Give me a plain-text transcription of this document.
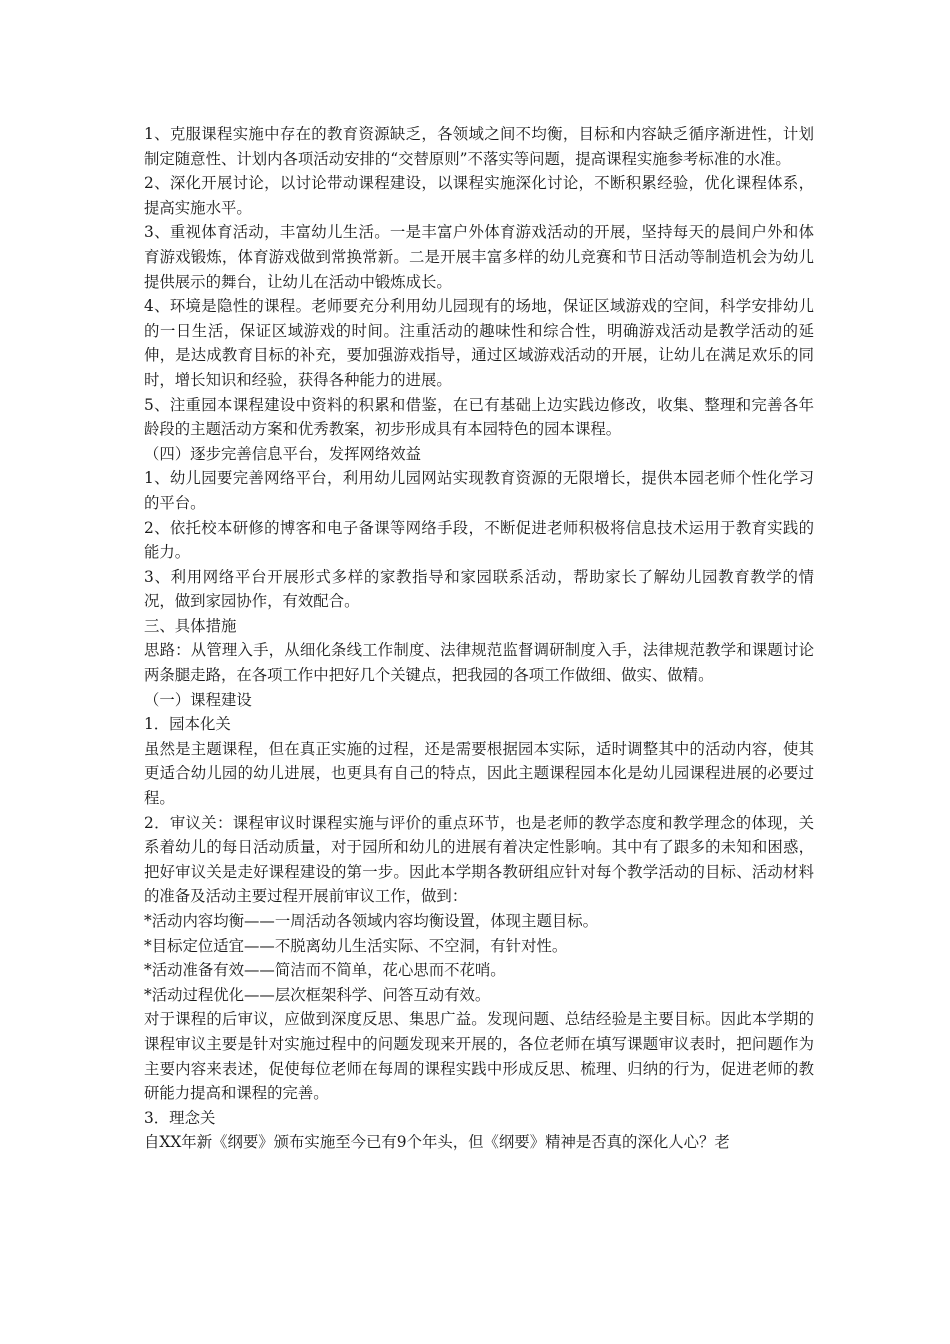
1、克服课程实施中存在的教育资源缺乏，各领域之间不均衡，目标和内容缺乏循序渐进性，计划制定随意性、计划内各项活动安排的“交替原则”不落实等问题，提高课程实施参考标准的水准。

2、深化开展讨论，以讨论带动课程建设，以课程实施深化讨论，不断积累经验，优化课程体系，提高实施水平。

3、重视体育活动，丰富幼儿生活。一是丰富户外体育游戏活动的开展，坚持每天的晨间户外和体育游戏锻炼，体育游戏做到常换常新。二是开展丰富多样的幼儿竞赛和节日活动等制造机会为幼儿提供展示的舞台，让幼儿在活动中锻炼成长。

4、环境是隐性的课程。老师要充分利用幼儿园现有的场地，保证区域游戏的空间，科学安排幼儿的一日生活，保证区域游戏的时间。注重活动的趣味性和综合性，明确游戏活动是教学活动的延伸，是达成教育目标的补充，要加强游戏指导，通过区域游戏活动的开展，让幼儿在满足欢乐的同时，增长知识和经验，获得各种能力的进展。

5、注重园本课程建设中资料的积累和借鉴，在已有基础上边实践边修改，收集、整理和完善各年龄段的主题活动方案和优秀教案，初步形成具有本园特色的园本课程。

（四）逐步完善信息平台，发挥网络效益

1、幼儿园要完善网络平台，利用幼儿园网站实现教育资源的无限增长，提供本园老师个性化学习的平台。

2、依托校本研修的博客和电子备课等网络手段，不断促进老师积极将信息技术运用于教育实践的能力。

3、利用网络平台开展形式多样的家教指导和家园联系活动，帮助家长了解幼儿园教育教学的情况，做到家园协作，有效配合。

三、具体措施

思路：从管理入手，从细化条线工作制度、法律规范监督调研制度入手，法律规范教学和课题讨论两条腿走路，在各项工作中把好几个关键点，把我园的各项工作做细、做实、做精。

（一）课程建设

1．园本化关

虽然是主题课程，但在真正实施的过程，还是需要根据园本实际，适时调整其中的活动内容，使其更适合幼儿园的幼儿进展，也更具有自己的特点，因此主题课程园本化是幼儿园课程进展的必要过程。

2．审议关：课程审议时课程实施与评价的重点环节，也是老师的教学态度和教学理念的体现，关系着幼儿的每日活动质量，对于园所和幼儿的进展有着决定性影响。其中有了跟多的未知和困惑，把好审议关是走好课程建设的第一步。因此本学期各教研组应针对每个教学活动的目标、活动材料的准备及活动主要过程开展前审议工作，做到：

*活动内容均衡——一周活动各领域内容均衡设置，体现主题目标。

*目标定位适宜——不脱离幼儿生活实际、不空洞，有针对性。

*活动准备有效——简洁而不简单，花心思而不花哨。

*活动过程优化——层次框架科学、问答互动有效。

对于课程的后审议，应做到深度反思、集思广益。发现问题、总结经验是主要目标。因此本学期的课程审议主要是针对实施过程中的问题发现来开展的，各位老师在填写课题审议表时，把问题作为主要内容来表述，促使每位老师在每周的课程实践中形成反思、梳理、归纳的行为，促进老师的教研能力提高和课程的完善。

3．理念关

自XX年新《纲要》颁布实施至今已有9个年头，但《纲要》精神是否真的深化人心？老
